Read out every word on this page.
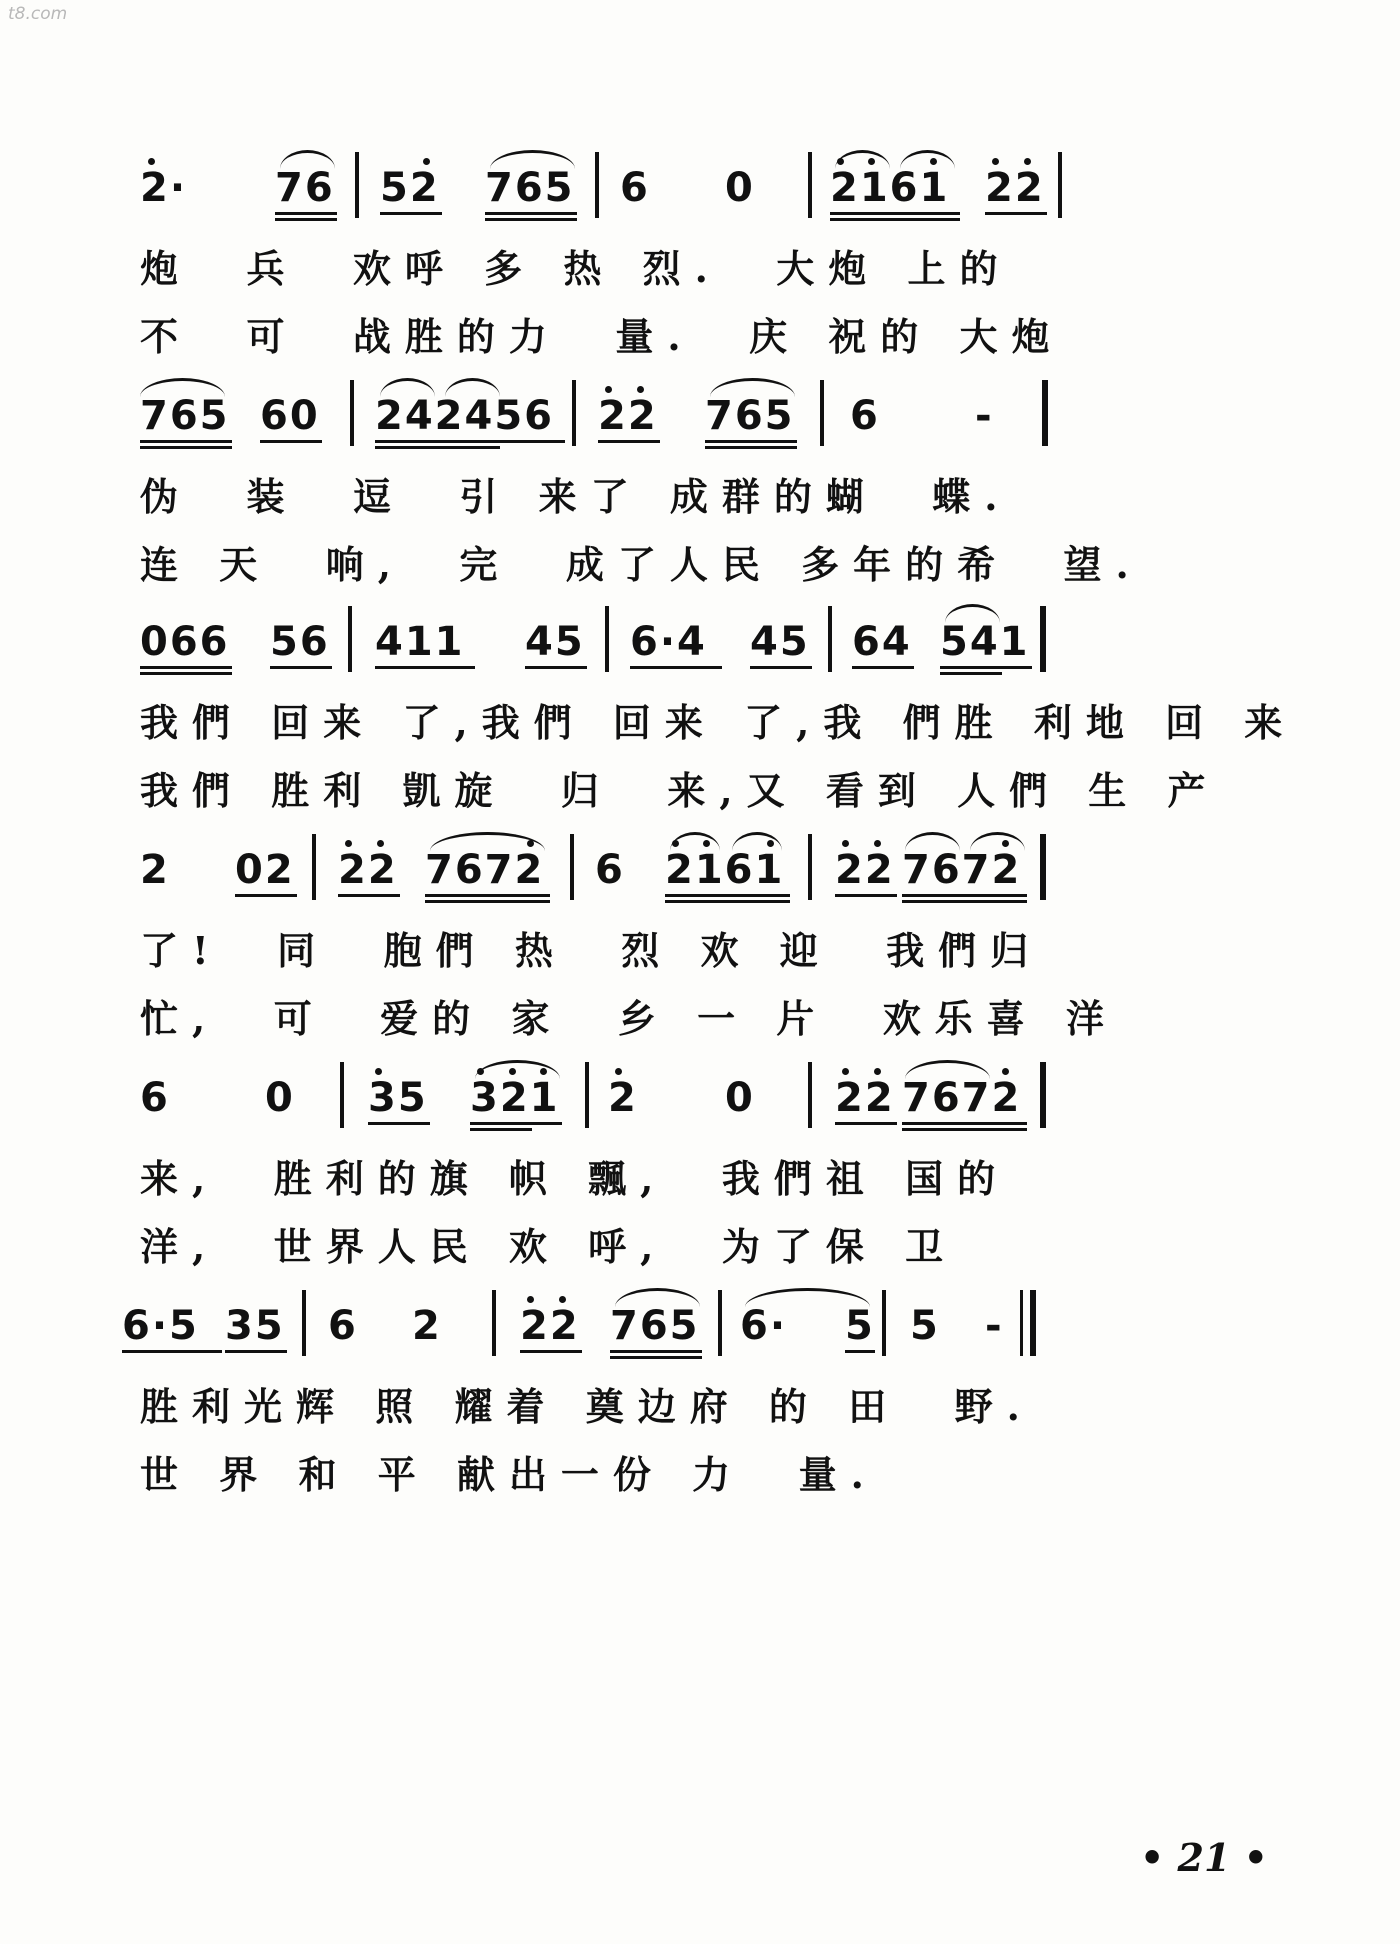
t8.com
2· 76 52 765 6 0 2161 22
炮  兵  欢呼 多 热 烈.  大炮 上的
不  可  战胜的力  量.  庆 祝的 大炮
765 60 242456 22 765 6 -
伪  装  逗  引 来了 成群的蝴  蝶.
连 天  响,  完  成了人民 多年的希  望.
066 56 411 45 6·4 45 64 541
我們 回来 了,我們 回来 了,我 們胜 利地 回 来
我們 胜利 凱旋  归  来,又 看到 人們 生 产
2 02 22 7672 6 2161 22 7672
了!  同  胞們 热  烈 欢 迎  我們归
忙,  可  爱的 家  乡 一 片  欢乐喜 洋
6 0 35 321 2 0 22 7672
来,  胜利的旗 帜 飄,  我們祖 国的
洋,  世界人民 欢 呼,  为了保 卫
6·5 35 6 2 22 765 6· 5 5 -
胜利光辉 照 耀着 奠边府 的 田  野.
世 界 和 平 献出一份 力  量.
• 21 •
